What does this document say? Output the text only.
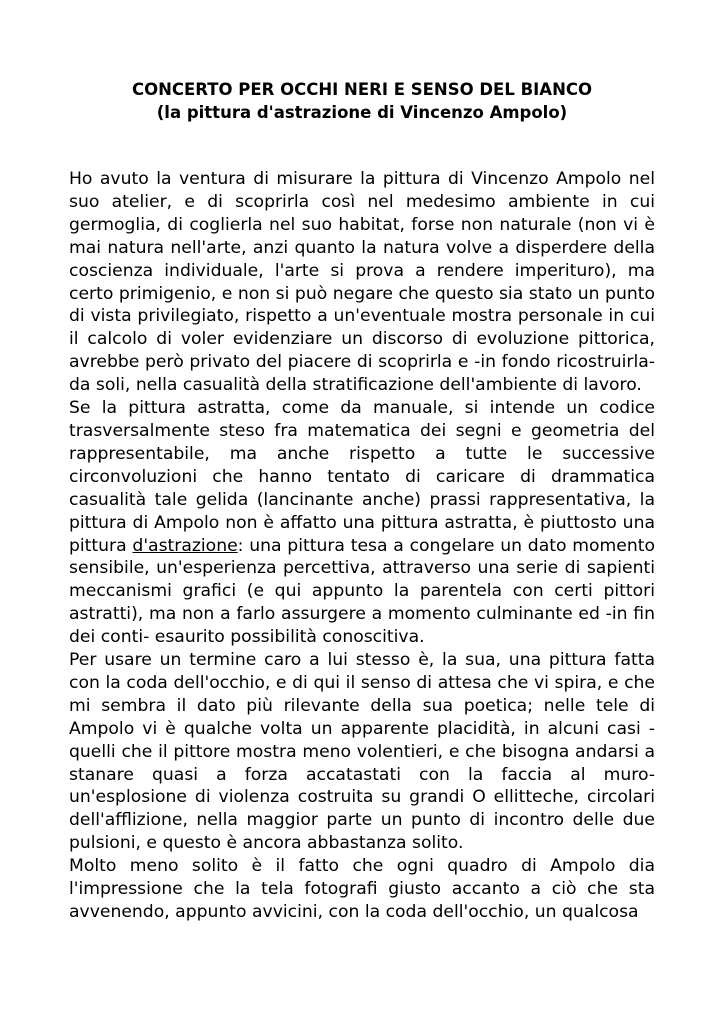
CONCERTO PER OCCHI NERI E SENSO DEL BIANCO
(la pittura d'astrazione di Vincenzo Ampolo)

Ho avuto la ventura di misurare la pittura di Vincenzo Ampolo nel suo atelier, e di scoprirla così nel medesimo ambiente in cui germoglia, di coglierla nel suo habitat, forse non naturale (non vi è mai natura nell'arte, anzi quanto la natura volve a disperdere della coscienza individuale, l'arte si prova a rendere imperituro), ma certo primigenio, e non si può negare che questo sia stato un punto di vista privilegiato, rispetto a un'eventuale mostra personale in cui il calcolo di voler evidenziare un discorso di evoluzione pittorica, avrebbe però privato del piacere di scoprirla e -in fondo ricostruirla- da soli, nella casualità della stratificazione dell'ambiente di lavoro.

Se la pittura astratta, come da manuale, si intende un codice trasversalmente steso fra matematica dei segni e geometria del rappresentabile, ma anche rispetto a tutte le successive circonvoluzioni che hanno tentato di caricare di drammatica casualità tale gelida (lancinante anche) prassi rappresentativa, la pittura di Ampolo non è affatto una pittura astratta, è piuttosto una pittura d'astrazione: una pittura tesa a congelare un dato momento sensibile, un'esperienza percettiva, attraverso una serie di sapienti meccanismi grafici (e qui appunto la parentela con certi pittori astratti), ma non a farlo assurgere a momento culminante ed -in fin dei conti- esaurito possibilità conoscitiva.

Per usare un termine caro a lui stesso è, la sua, una pittura fatta con la coda dell'occhio, e di qui il senso di attesa che vi spira, e che mi sembra il dato più rilevante della sua poetica; nelle tele di Ampolo vi è qualche volta un apparente placidità, in alcuni casi -quelli che il pittore mostra meno volentieri, e che bisogna andarsi a stanare quasi a forza accatastati con la faccia al muro- un'esplosione di violenza costruita su grandi O ellitteche, circolari dell'afflizione, nella maggior parte un punto di incontro delle due pulsioni, e questo è ancora abbastanza solito.

Molto meno solito è il fatto che ogni quadro di Ampolo dia l'impressione che la tela fotografi giusto accanto a ciò che sta avvenendo, appunto avvicini, con la coda dell'occhio, un qualcosa
